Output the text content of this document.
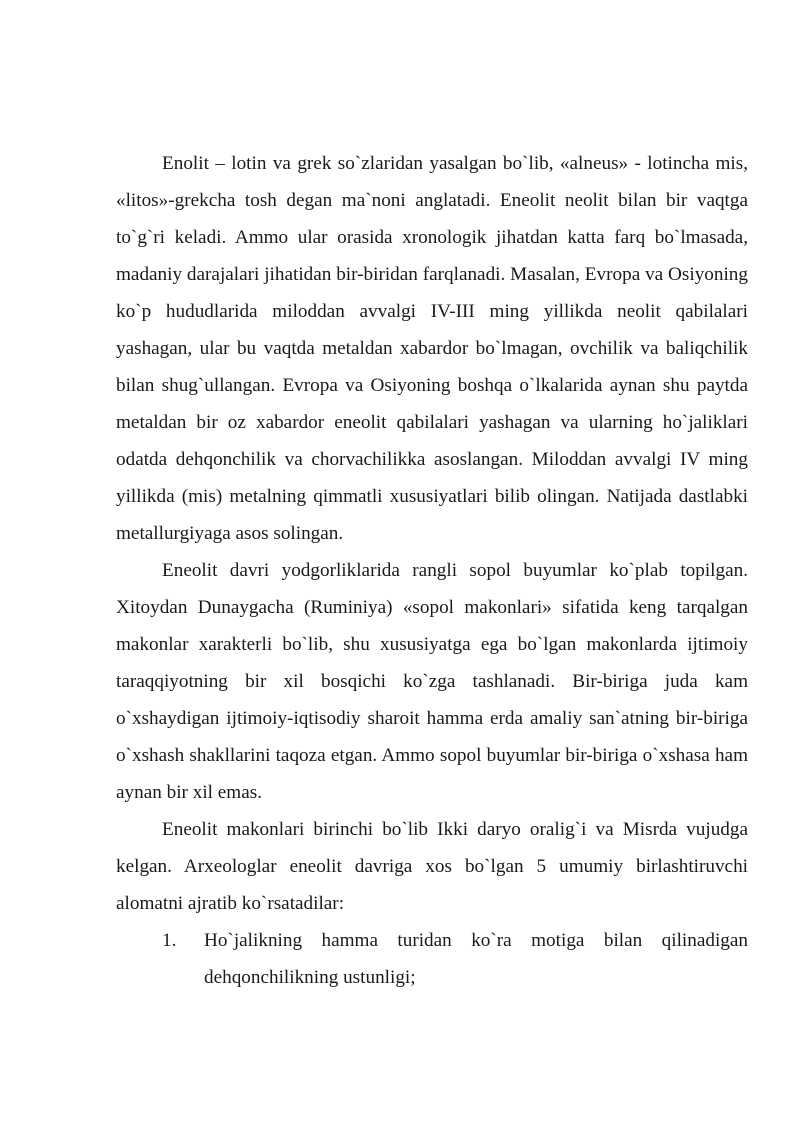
Enolit – lotin va grek so`zlaridan yasalgan bo`lib, «alneus» - lotincha mis, «litos»-grekcha tosh degan ma`noni anglatadi. Eneolit neolit bilan bir vaqtga to`g`ri keladi. Ammo ular orasida xronologik jihatdan katta farq bo`lmasada, madaniy darajalari jihatidan bir-biridan farqlanadi. Masalan, Evropa va Osiyoning ko`p hududlarida miloddan avvalgi IV-III ming yillikda neolit qabilalari yashagan, ular bu vaqtda metaldan xabardor bo`lmagan, ovchilik va baliqchilik bilan shug`ullangan. Evropa va Osiyoning boshqa o`lkalarida aynan shu paytda metaldan bir oz xabardor eneolit qabilalari yashagan va ularning ho`jaliklari odatda dehqonchilik va chorvachilikka asoslangan. Miloddan avvalgi IV ming yillikda (mis) metalning qimmatli xususiyatlari bilib olingan. Natijada dastlabki metallurgiyaga asos solingan.

Eneolit davri yodgorliklarida rangli sopol buyumlar ko`plab topilgan. Xitoydan Dunaygacha (Ruminiya) «sopol makonlari» sifatida keng tarqalgan makonlar xarakterli bo`lib, shu xususiyatga ega bo`lgan makonlarda ijtimoiy taraqqiyotning bir xil bosqichi ko`zga tashlanadi. Bir-biriga juda kam o`xshaydigan ijtimoiy-iqtisodiy sharoit hamma erda amaliy san`atning bir-biriga o`xshash shakllarini taqoza etgan. Ammo sopol buyumlar bir-biriga o`xshasa ham aynan bir xil emas.

Eneolit makonlari birinchi bo`lib Ikki daryo oralig`i va Misrda vujudga kelgan. Arxeologlar eneolit davriga xos bo`lgan 5 umumiy birlashtiruvchi alomatni ajratib ko`rsatadilar:

1. Ho`jalikning hamma turidan ko`ra motiga bilan qilinadigan dehqonchilikning ustunligi;
